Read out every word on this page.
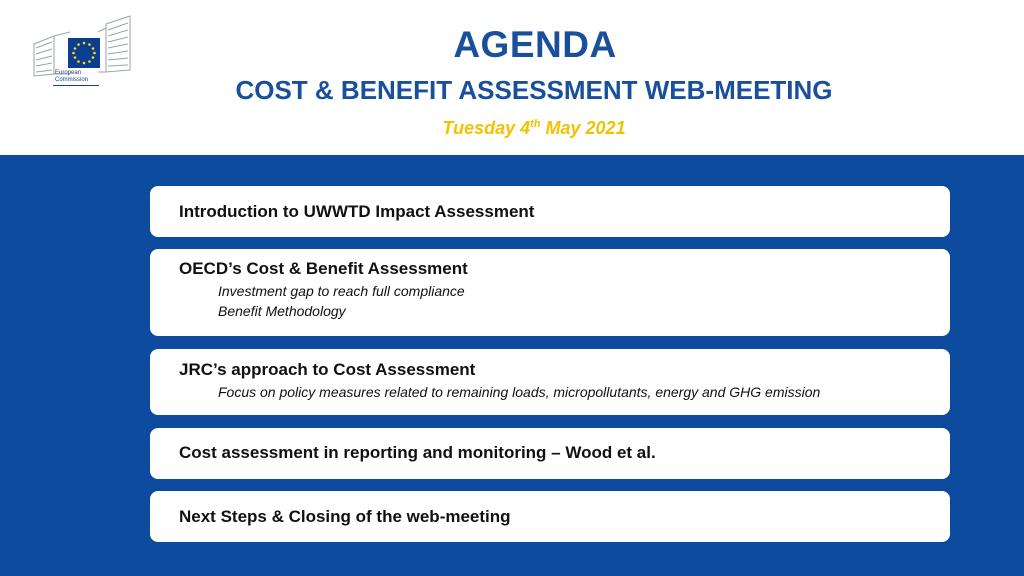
European
Commission
AGENDA
COST & BENEFIT ASSESSMENT WEB-MEETING
Tuesday 4th May 2021
Introduction to UWWTD Impact Assessment
OECD’s Cost & Benefit Assessment
Investment gap to reach full compliance
Benefit Methodology
JRC’s approach to Cost Assessment
Focus on policy measures related to remaining loads, micropollutants, energy and GHG emission
Cost assessment in reporting and monitoring – Wood et al.
Next Steps & Closing of the web-meeting
